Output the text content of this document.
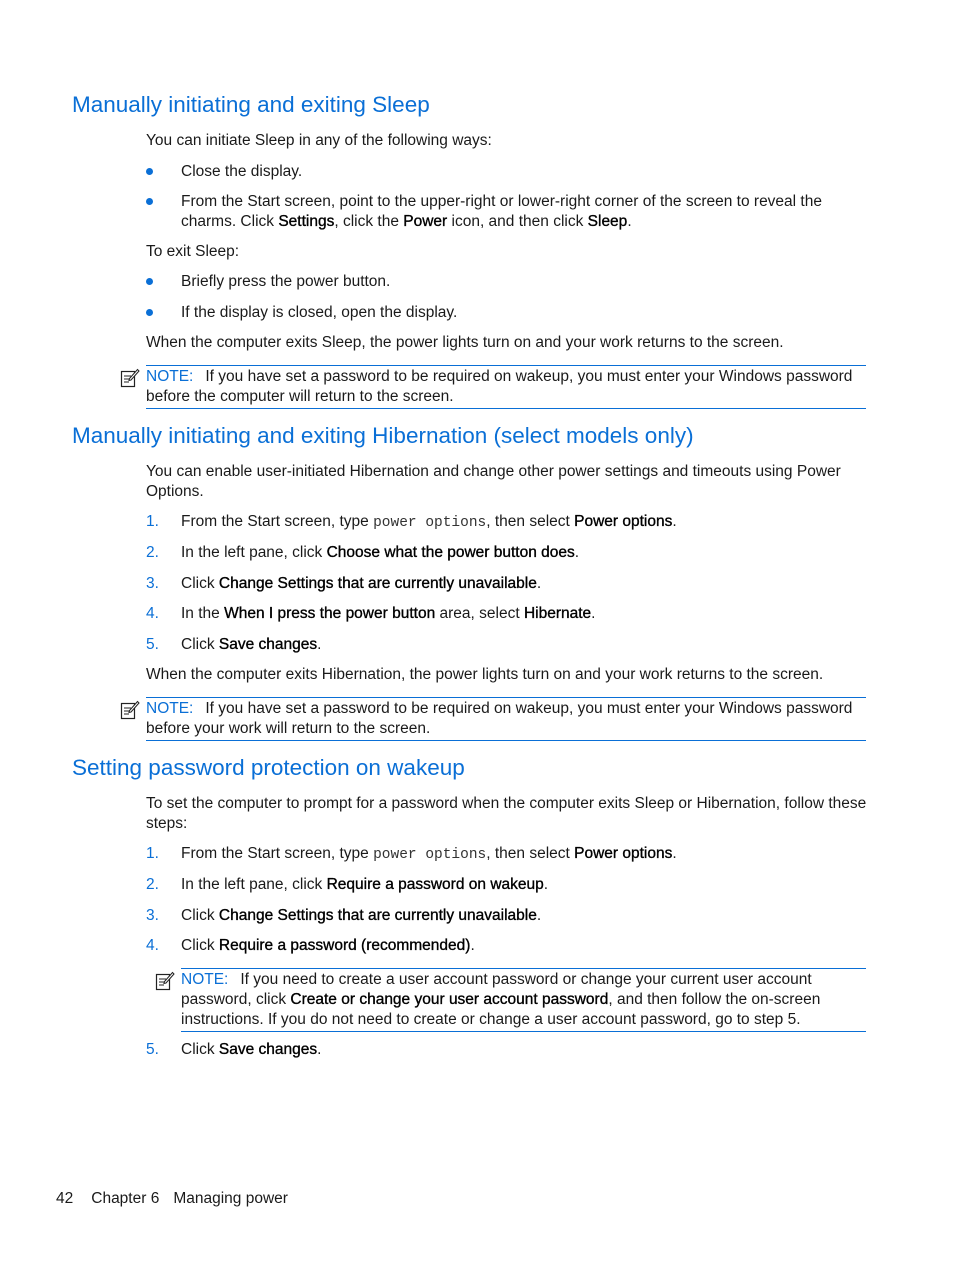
Manually initiating and exiting Sleep
You can initiate Sleep in any of the following ways:
Close the display.
From the Start screen, point to the upper-right or lower-right corner of the screen to reveal the charms. Click Settings, click the Power icon, and then click Sleep.
To exit Sleep:
Briefly press the power button.
If the display is closed, open the display.
When the computer exits Sleep, the power lights turn on and your work returns to the screen.
NOTE: If you have set a password to be required on wakeup, you must enter your Windows password before the computer will return to the screen.
Manually initiating and exiting Hibernation (select models only)
You can enable user-initiated Hibernation and change other power settings and timeouts using Power Options.
1. From the Start screen, type power options, then select Power options.
2. In the left pane, click Choose what the power button does.
3. Click Change Settings that are currently unavailable.
4. In the When I press the power button area, select Hibernate.
5. Click Save changes.
When the computer exits Hibernation, the power lights turn on and your work returns to the screen.
NOTE: If you have set a password to be required on wakeup, you must enter your Windows password before your work will return to the screen.
Setting password protection on wakeup
To set the computer to prompt for a password when the computer exits Sleep or Hibernation, follow these steps:
1. From the Start screen, type power options, then select Power options.
2. In the left pane, click Require a password on wakeup.
3. Click Change Settings that are currently unavailable.
4. Click Require a password (recommended).
NOTE: If you need to create a user account password or change your current user account password, click Create or change your user account password, and then follow the on-screen instructions. If you do not need to create or change a user account password, go to step 5.
5. Click Save changes.
42 Chapter 6 Managing power
